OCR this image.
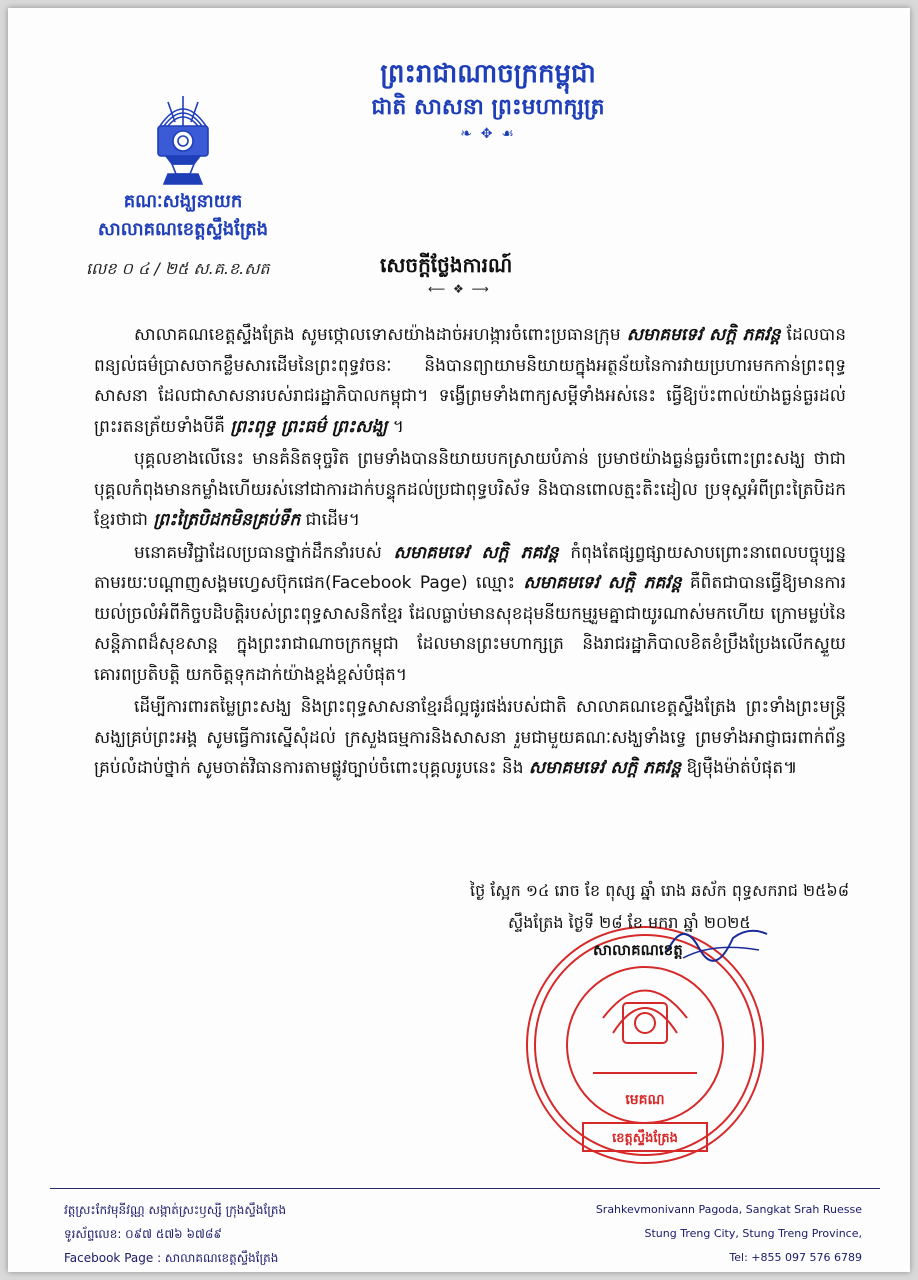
ព្រះរាជាណាចក្រកម្ពុជា
ជាតិ សាសនា ព្រះមហាក្សត្រ
❧ ✥ ☙
គណៈសង្ឃនាយក
សាលាគណខេត្តស្ទឹងត្រែង
លេខ ០ ៤ / ២៥ ស.គ.ខ.សត	សេចក្ដីថ្លែងការណ៍
⟵ ❖ ⟶

សាលាគណខេត្តស្ទឹងត្រែង សូមថ្កោលទោសយ៉ាងដាច់អហង្ការចំពោះប្រធានក្រុម សមាគមទេវ សក្តិ ភគវន្ត ដែលបានពន្យល់ធម៌ប្រាសចាកខ្លឹមសារដើមនៃព្រះពុទ្ធវចនៈ និងបានព្យាយាមនិយាយក្នុងអត្ថន័យនៃការវាយប្រហារមកកាន់ព្រះពុទ្ធសាសនា ដែលជាសាសនារបស់រាជរដ្ឋាភិបាលកម្ពុជា។ ទង្វើព្រមទាំងពាក្យសម្ដីទាំងអស់នេះ ធ្វើឱ្យប៉ះពាល់យ៉ាងធ្ងន់ធ្ងរដល់ព្រះរតនត្រ័យទាំងបីគឺ ព្រះពុទ្ធ ព្រះធម៌ ព្រះសង្ឃ ។

បុគ្គលខាងលើនេះ មានគំនិតទុច្ចរិត ព្រមទាំងបាននិយាយបកស្រាយបំភាន់ ប្រមាថយ៉ាងធ្ងន់ធ្ងរចំពោះព្រះសង្ឃ ថាជាបុគ្គលកំពុងមានកម្លាំងហើយរស់នៅជាការដាក់បន្ទុកដល់ប្រជាពុទ្ធបរិស័ទ និងបានពោលត្មះតិះដៀល ប្រទុស្តអំពីព្រះត្រៃបិដកខ្មែរថាជា ព្រះត្រៃបិដកមិនគ្រប់ទឹក ជាដើម។

មនោគមវិជ្ជាដែលប្រធានថ្នាក់ដឹកនាំរបស់ សមាគមទេវ សក្តិ ភគវន្ត កំពុងតែផ្សព្វផ្សាយសាបព្រោះនាពេលបច្ចុប្បន្នតាមរយៈបណ្ដាញសង្គមហ្វេសប៊ុកផេក(Facebook Page) ឈ្មោះ សមាគមទេវ សក្តិ ភគវន្ត គឺពិតជាបានធ្វើឱ្យមានការយល់ច្រលំអំពីកិច្ចបដិបត្តិរបស់ព្រះពុទ្ធសាសនិកខ្មែរ ដែលធ្លាប់មានសុខដុមនីយកម្មរួមគ្នាជាយូរណាស់មកហើយ ក្រោមម្លប់នៃសន្តិភាពដ៏សុខសាន្ត ក្នុងព្រះរាជាណាចក្រកម្ពុជា ដែលមានព្រះមហាក្សត្រ និងរាជរដ្ឋាភិបាលខិតខំប្រឹងប្រែងលើកស្ទួយ គោរពប្រតិបត្តិ យកចិត្តទុកដាក់យ៉ាងខ្ពង់ខ្ពស់បំផុត។

ដើម្បីការពារតម្លៃព្រះសង្ឃ និងព្រះពុទ្ធសាសនាខ្មែរដ៏ល្អផូរផង់របស់ជាតិ សាលាគណខេត្តស្ទឹងត្រែង ព្រះទាំងព្រះមន្ត្រីសង្ឃគ្រប់ព្រះអង្គ សូមធ្វើការស្នើសុំដល់ ក្រសួងធម្មការនិងសាសនា រួមជាមួយគណៈសង្ឃទាំងទ្វេ ព្រមទាំងអាជ្ញាធរពាក់ព័ន្ធគ្រប់លំដាប់ថ្នាក់ សូមចាត់វិធានការតាមផ្លូវច្បាប់ចំពោះបុគ្គលរូបនេះ និង សមាគមទេវ សក្តិ ភគវន្ត ឱ្យម៉ឺងម៉ាត់បំផុត៕

មេគណ
ខេត្តស្ទឹងត្រែង
ថ្ងៃ ស្អែក ១៤ រោច ខែ ពុស្ស ឆ្នាំ រោង ឆស័ក ពុទ្ធសករាជ ២៥៦៨
ស្ទឹងត្រែង ថ្ងៃទី ២៨ ខែ មករា ឆ្នាំ ២០២៥
សាលាគណខេត្ត
វត្តស្រះកែវមុនីវណ្ណ សង្កាត់ស្រះឫស្សី ក្រុងស្ទឹងត្រែង
ទូរស័ព្ទលេខ: ០៩៧ ៥៧៦ ៦៧៨៩
Facebook Page : សាលាគណខេត្តស្ទឹងត្រែង
Srahkevmonivann Pagoda, Sangkat Srah Ruesse
Stung Treng City, Stung Treng Province,
Tel: +855 097 576 6789
